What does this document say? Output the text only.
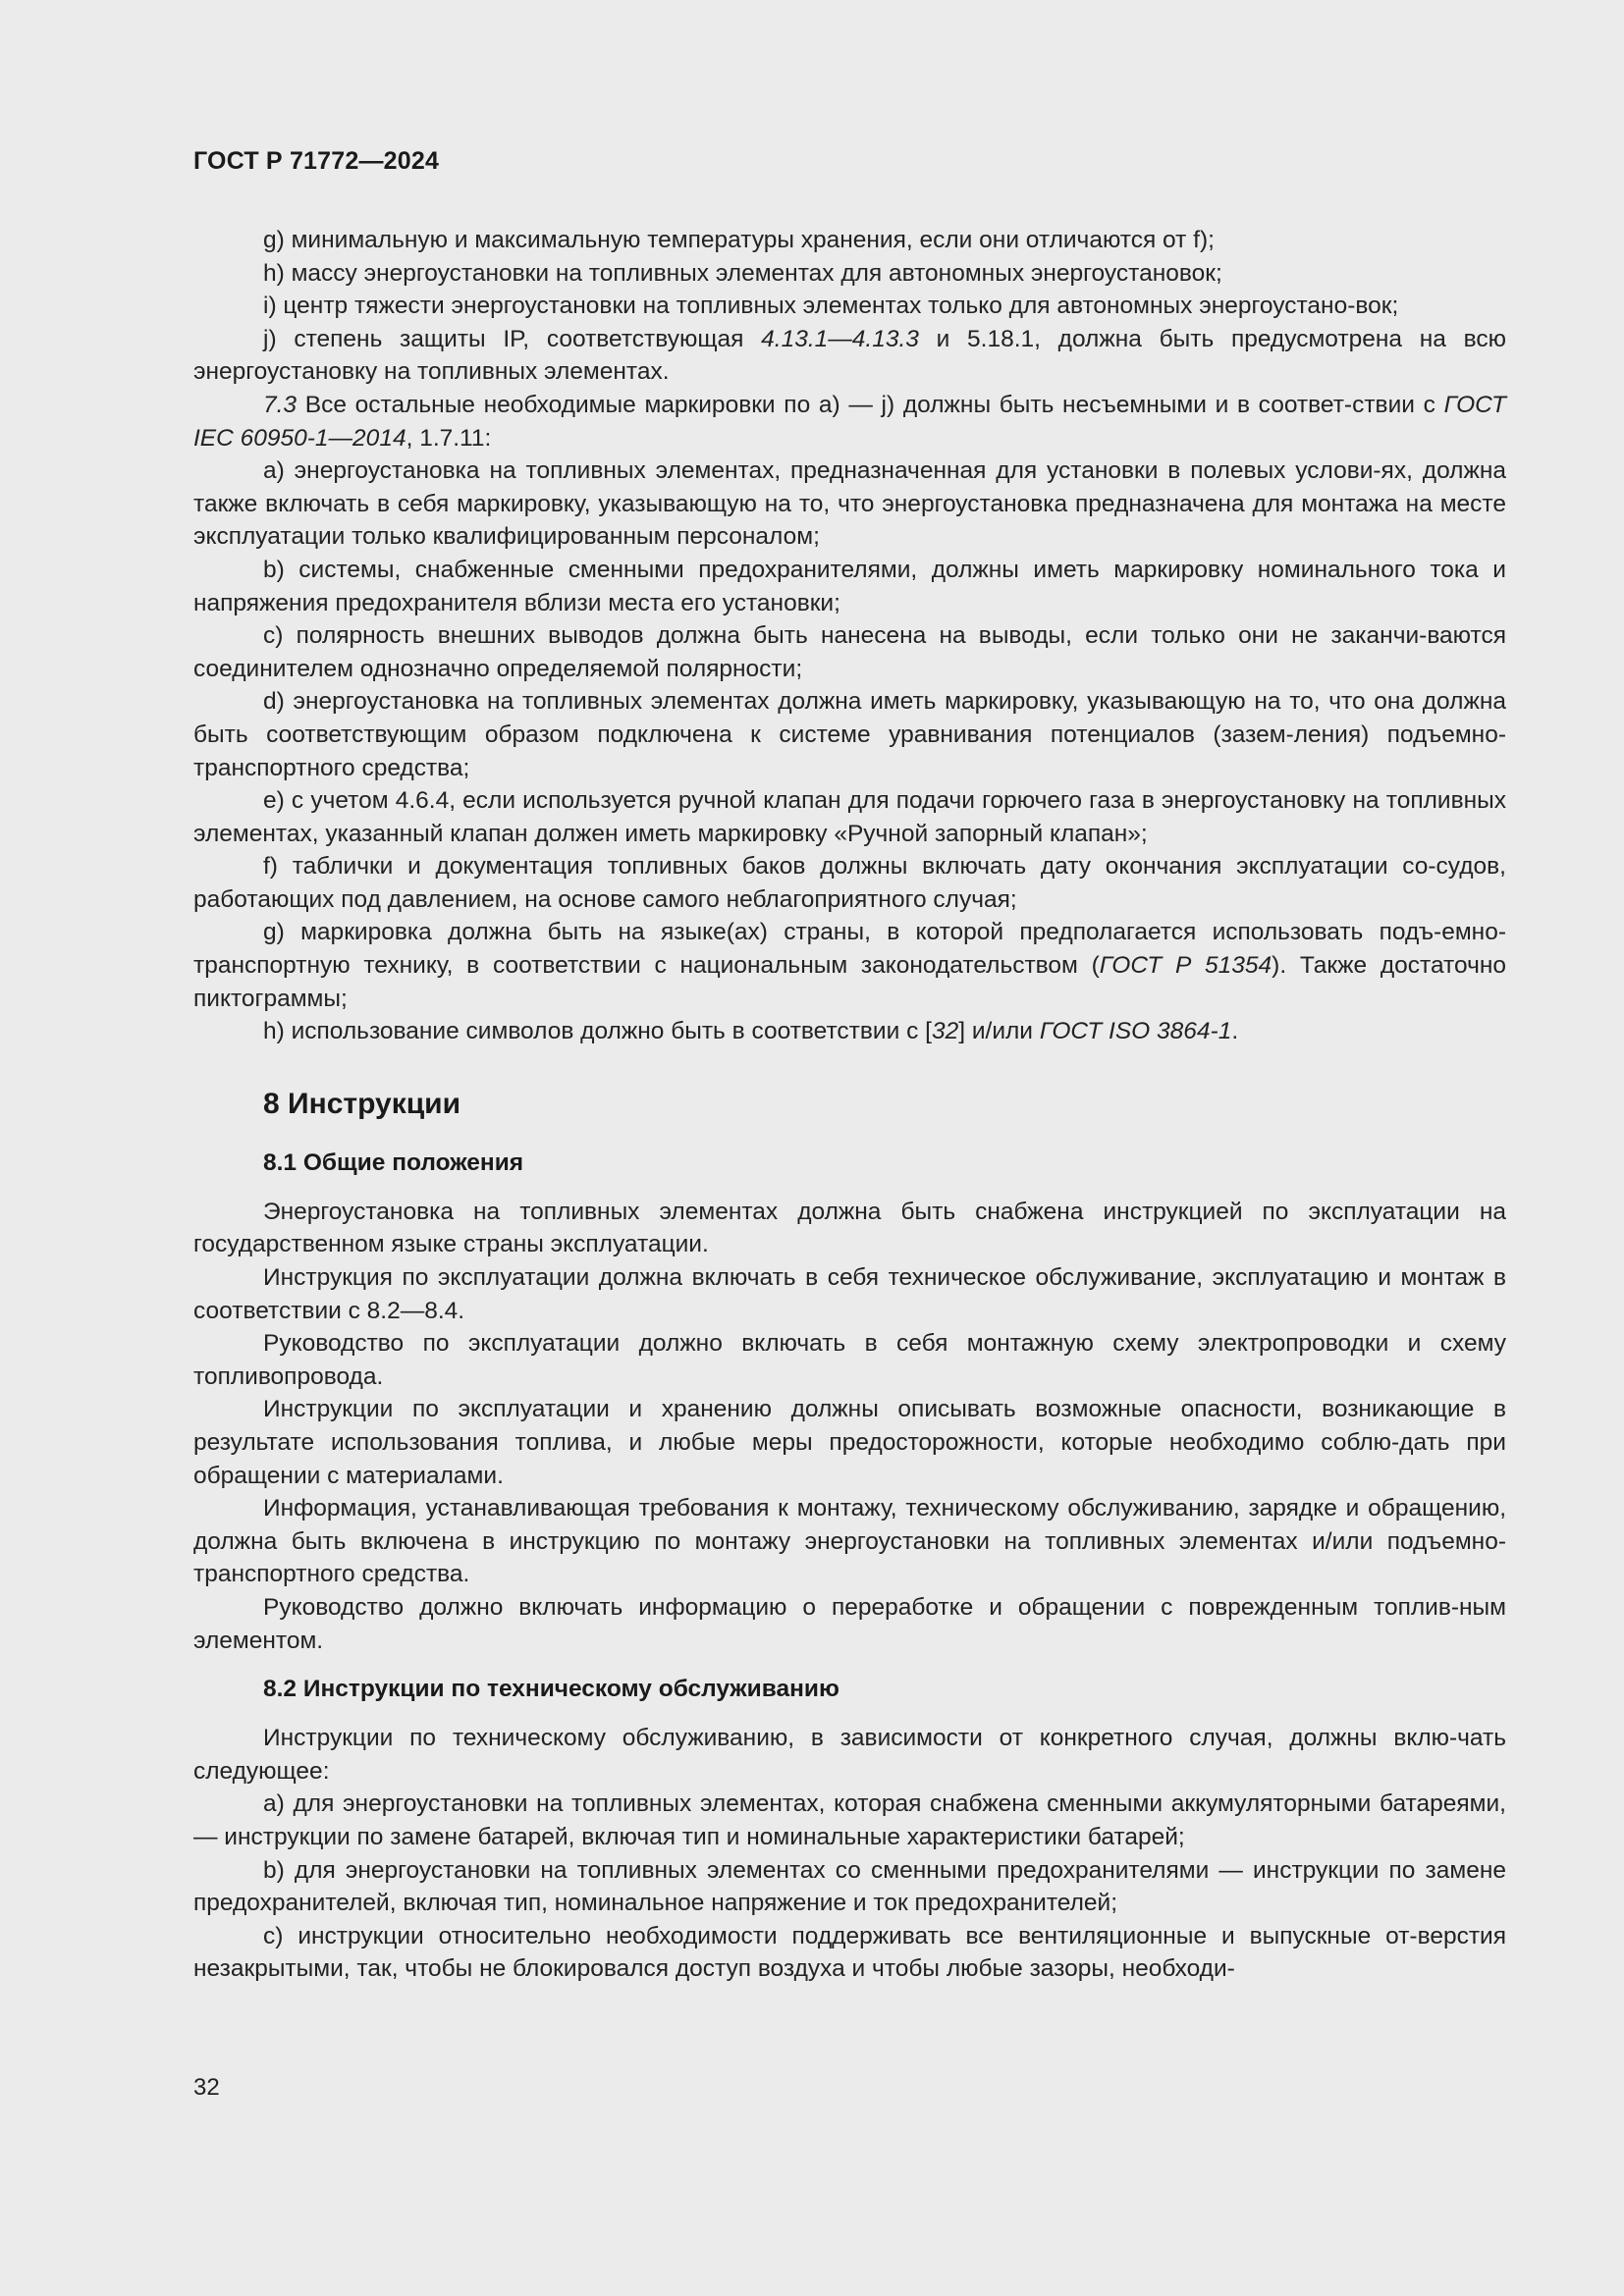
ГОСТ Р 71772—2024

g) минимальную и максимальную температуры хранения, если они отличаются от f);

h) массу энергоустановки на топливных элементах для автономных энергоустановок;

i) центр тяжести энергоустановки на топливных элементах только для автономных энергоустано-вок;

j) степень защиты IP, соответствующая 4.13.1—4.13.3 и 5.18.1, должна быть предусмотрена на всю энергоустановку на топливных элементах.

7.3 Все остальные необходимые маркировки по a) — j) должны быть несъемными и в соответ-ствии с ГОСТ IEC 60950-1—2014, 1.7.11:

a) энергоустановка на топливных элементах, предназначенная для установки в полевых услови-ях, должна также включать в себя маркировку, указывающую на то, что энергоустановка предназначена для монтажа на месте эксплуатации только квалифицированным персоналом;

b) системы, снабженные сменными предохранителями, должны иметь маркировку номинального тока и напряжения предохранителя вблизи места его установки;

c) полярность внешних выводов должна быть нанесена на выводы, если только они не заканчи-ваются соединителем однозначно определяемой полярности;

d) энергоустановка на топливных элементах должна иметь маркировку, указывающую на то, что она должна быть соответствующим образом подключена к системе уравнивания потенциалов (зазем-ления) подъемно-транспортного средства;

e) с учетом 4.6.4, если используется ручной клапан для подачи горючего газа в энергоустановку на топливных элементах, указанный клапан должен иметь маркировку «Ручной запорный клапан»;

f) таблички и документация топливных баков должны включать дату окончания эксплуатации со-судов, работающих под давлением, на основе самого неблагоприятного случая;

g) маркировка должна быть на языке(ах) страны, в которой предполагается использовать подъ-емно-транспортную технику, в соответствии с национальным законодательством (ГОСТ Р 51354). Также достаточно пиктограммы;

h) использование символов должно быть в соответствии с [32] и/или ГОСТ ISO 3864-1.

8 Инструкции
8.1 Общие положения

Энергоустановка на топливных элементах должна быть снабжена инструкцией по эксплуатации на государственном языке страны эксплуатации.

Инструкция по эксплуатации должна включать в себя техническое обслуживание, эксплуатацию и монтаж в соответствии с 8.2—8.4.

Руководство по эксплуатации должно включать в себя монтажную схему электропроводки и схему топливопровода.

Инструкции по эксплуатации и хранению должны описывать возможные опасности, возникающие в результате использования топлива, и любые меры предосторожности, которые необходимо соблю-дать при обращении с материалами.

Информация, устанавливающая требования к монтажу, техническому обслуживанию, зарядке и обращению, должна быть включена в инструкцию по монтажу энергоустановки на топливных элементах и/или подъемно-транспортного средства.

Руководство должно включать информацию о переработке и обращении с поврежденным топлив-ным элементом.

8.2 Инструкции по техническому обслуживанию

Инструкции по техническому обслуживанию, в зависимости от конкретного случая, должны вклю-чать следующее:

a) для энергоустановки на топливных элементах, которая снабжена сменными аккумуляторными батареями, — инструкции по замене батарей, включая тип и номинальные характеристики батарей;

b) для энергоустановки на топливных элементах со сменными предохранителями — инструкции по замене предохранителей, включая тип, номинальное напряжение и ток предохранителей;

c) инструкции относительно необходимости поддерживать все вентиляционные и выпускные от-верстия незакрытыми, так, чтобы не блокировался доступ воздуха и чтобы любые зазоры, необходи-

32
